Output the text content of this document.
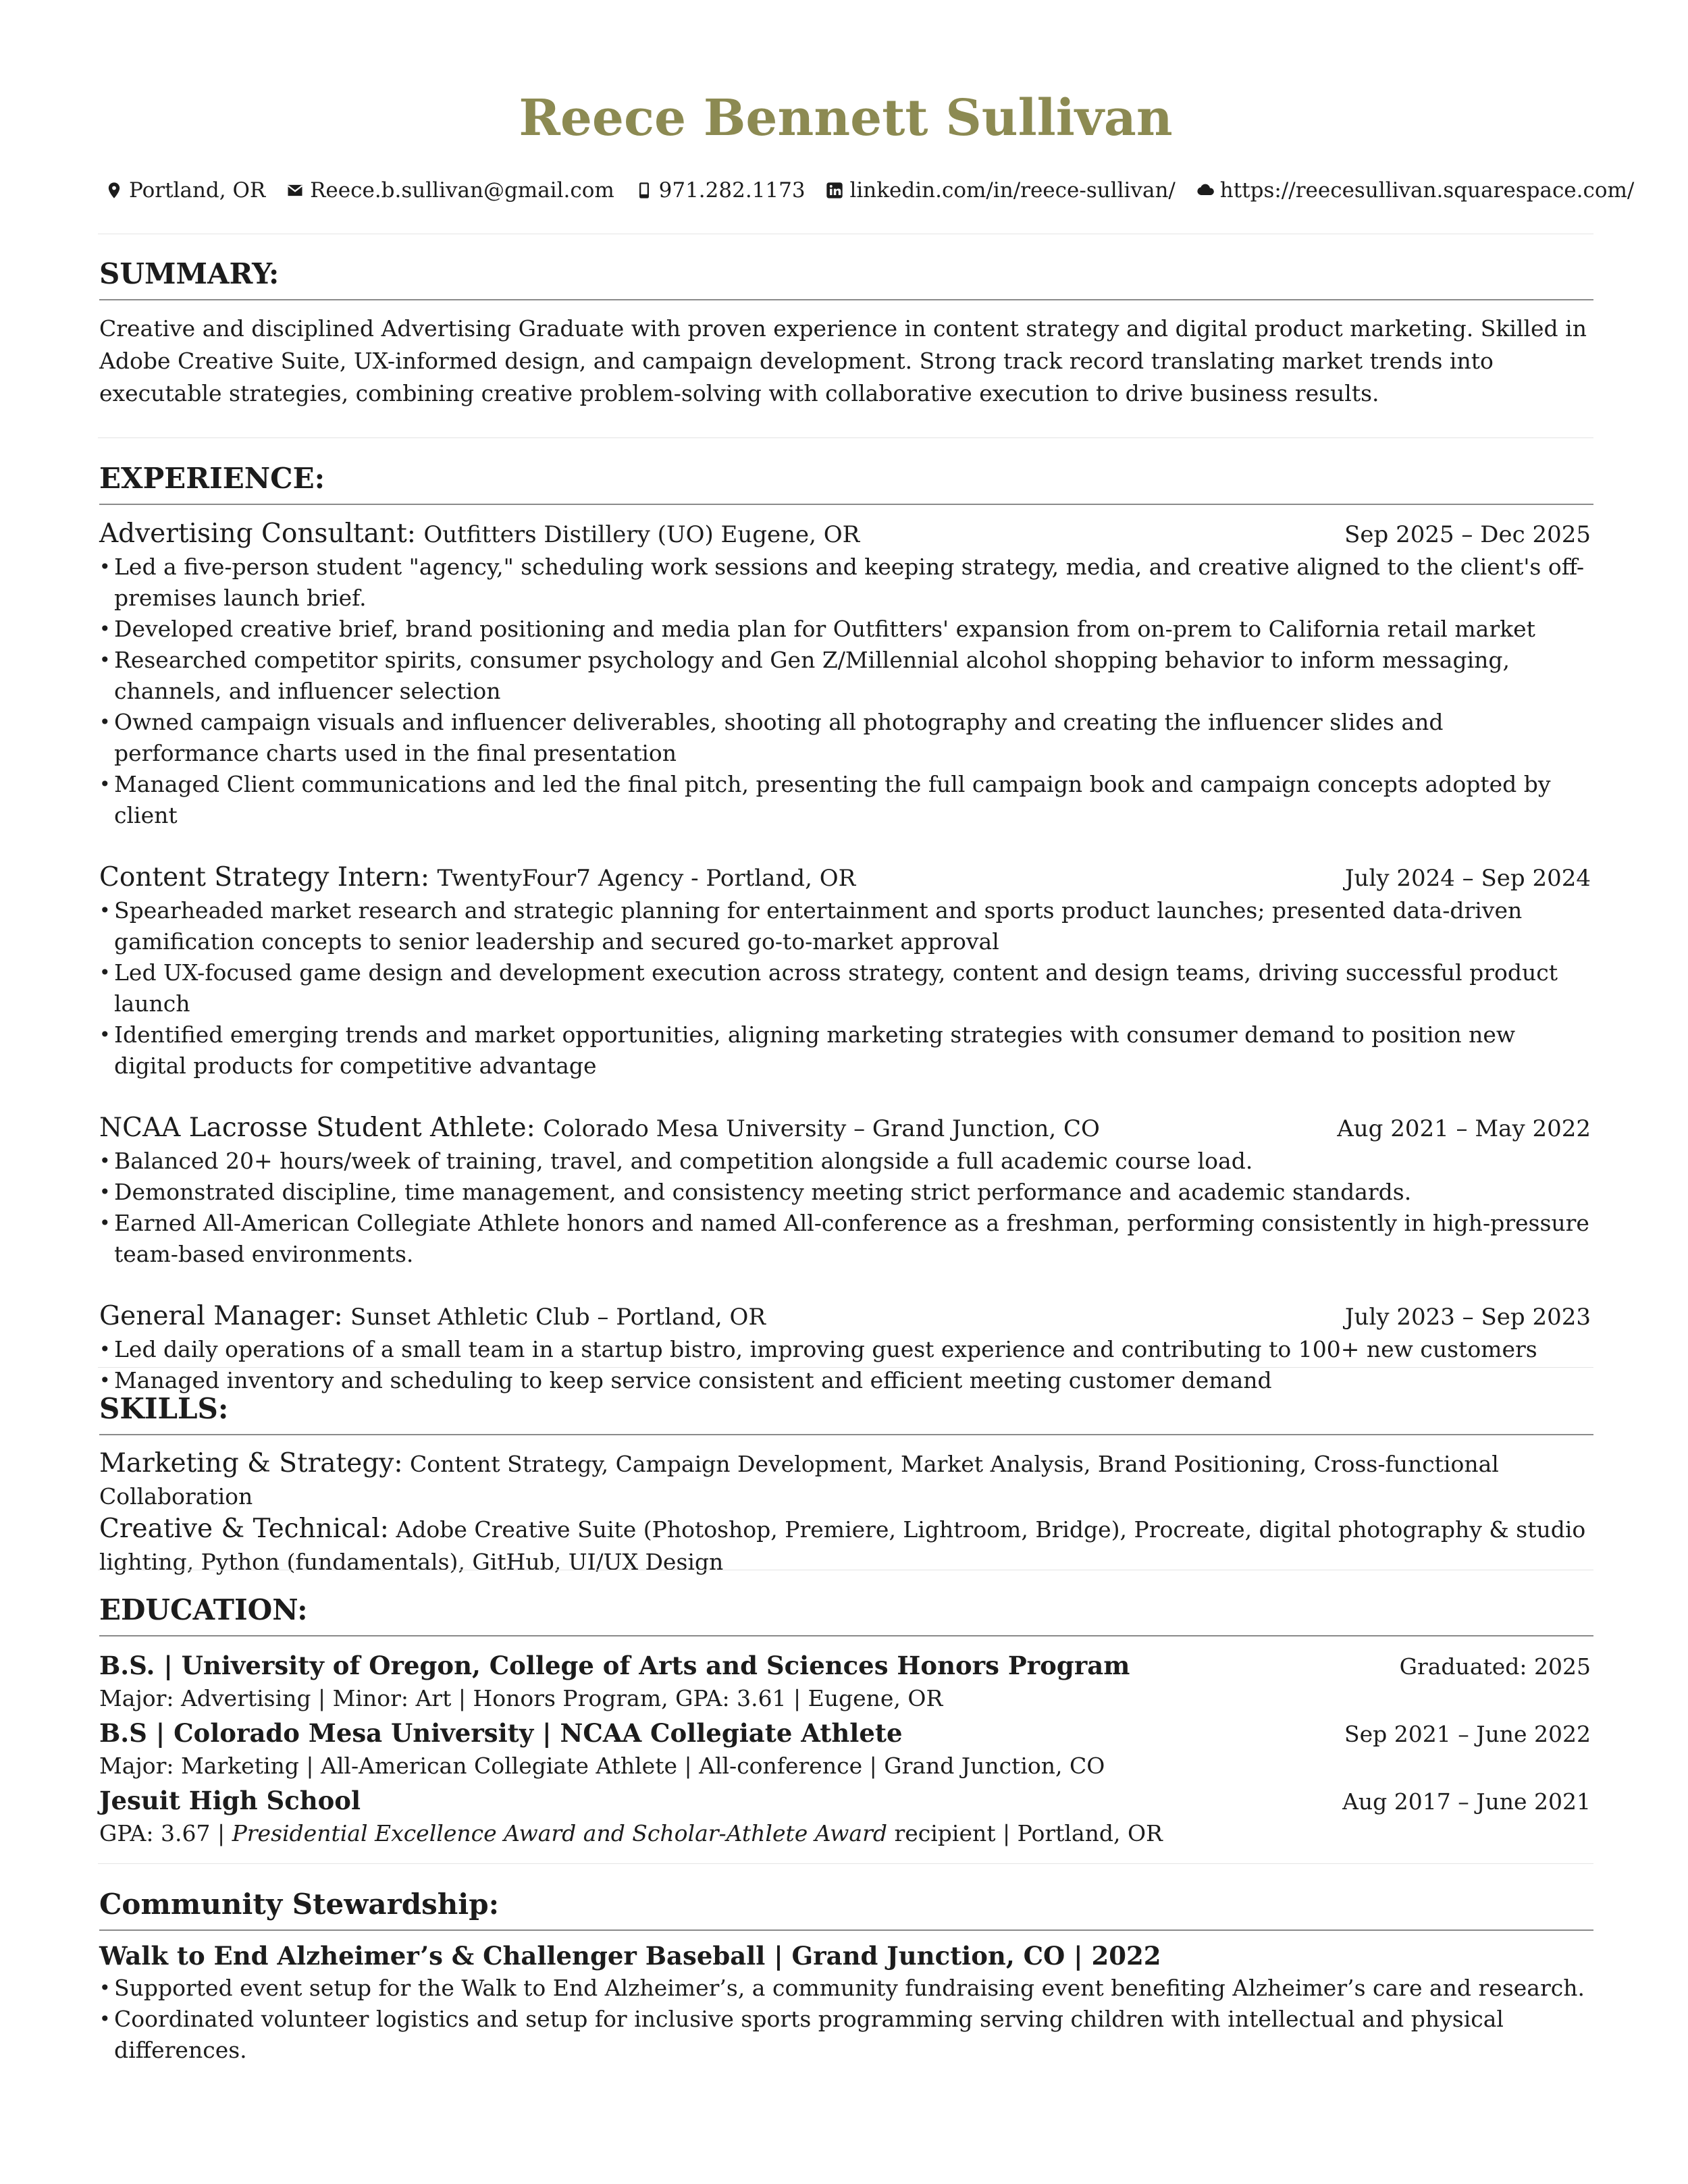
Reece Bennett Sullivan
Portland, OR Reece.b.sullivan@gmail.com 971.282.1173 linkedin.com/in/reece-sullivan/ https://reecesullivan.squarespace.com/
SUMMARY:

Creative and disciplined Advertising Graduate with proven experience in content strategy and digital product marketing. Skilled in Adobe Creative Suite, UX-informed design, and campaign development. Strong track record translating market trends into executable strategies, combining creative problem-solving with collaborative execution to drive business results.

EXPERIENCE:
Advertising Consultant: Outfitters Distillery (UO) Eugene, OR	Sep 2025 – Dec 2025
• Led a five-person student "agency," scheduling work sessions and keeping strategy, media, and creative aligned to the client's off-premises launch brief.
• Developed creative brief, brand positioning and media plan for Outfitters' expansion from on-prem to California retail market
• Researched competitor spirits, consumer psychology and Gen Z/Millennial alcohol shopping behavior to inform messaging, channels, and influencer selection
• Owned campaign visuals and influencer deliverables, shooting all photography and creating the influencer slides and performance charts used in the final presentation
• Managed Client communications and led the final pitch, presenting the full campaign book and campaign concepts adopted by client
Content Strategy Intern: TwentyFour7 Agency - Portland, OR	July 2024 – Sep 2024
• Spearheaded market research and strategic planning for entertainment and sports product launches; presented data-driven gamification concepts to senior leadership and secured go-to-market approval
• Led UX-focused game design and development execution across strategy, content and design teams, driving successful product launch
• Identified emerging trends and market opportunities, aligning marketing strategies with consumer demand to position new digital products for competitive advantage
NCAA Lacrosse Student Athlete: Colorado Mesa University – Grand Junction, CO	Aug 2021 – May 2022
• Balanced 20+ hours/week of training, travel, and competition alongside a full academic course load.
• Demonstrated discipline, time management, and consistency meeting strict performance and academic standards.
• Earned All-American Collegiate Athlete honors and named All-conference as a freshman, performing consistently in high-pressure team-based environments.
General Manager: Sunset Athletic Club – Portland, OR	July 2023 – Sep 2023
• Led daily operations of a small team in a startup bistro, improving guest experience and contributing to 100+ new customers
• Managed inventory and scheduling to keep service consistent and efficient meeting customer demand
SKILLS:

Marketing & Strategy: Content Strategy, Campaign Development, Market Analysis, Brand Positioning, Cross-functional Collaboration

Creative & Technical: Adobe Creative Suite (Photoshop, Premiere, Lightroom, Bridge), Procreate, digital photography & studio lighting, Python (fundamentals), GitHub, UI/UX Design

EDUCATION:
B.S. | University of Oregon, College of Arts and Sciences Honors Program	Graduated: 2025
Major: Advertising | Minor: Art | Honors Program, GPA: 3.61 | Eugene, OR
B.S | Colorado Mesa University | NCAA Collegiate Athlete	Sep 2021 – June 2022
Major: Marketing | All-American Collegiate Athlete | All-conference | Grand Junction, CO
Jesuit High School	Aug 2017 – June 2021
GPA: 3.67 | Presidential Excellence Award and Scholar-Athlete Award recipient | Portland, OR
Community Stewardship:
Walk to End Alzheimer’s & Challenger Baseball | Grand Junction, CO | 2022
• Supported event setup for the Walk to End Alzheimer’s, a community fundraising event benefiting Alzheimer’s care and research.
• Coordinated volunteer logistics and setup for inclusive sports programming serving children with intellectual and physical differences.
